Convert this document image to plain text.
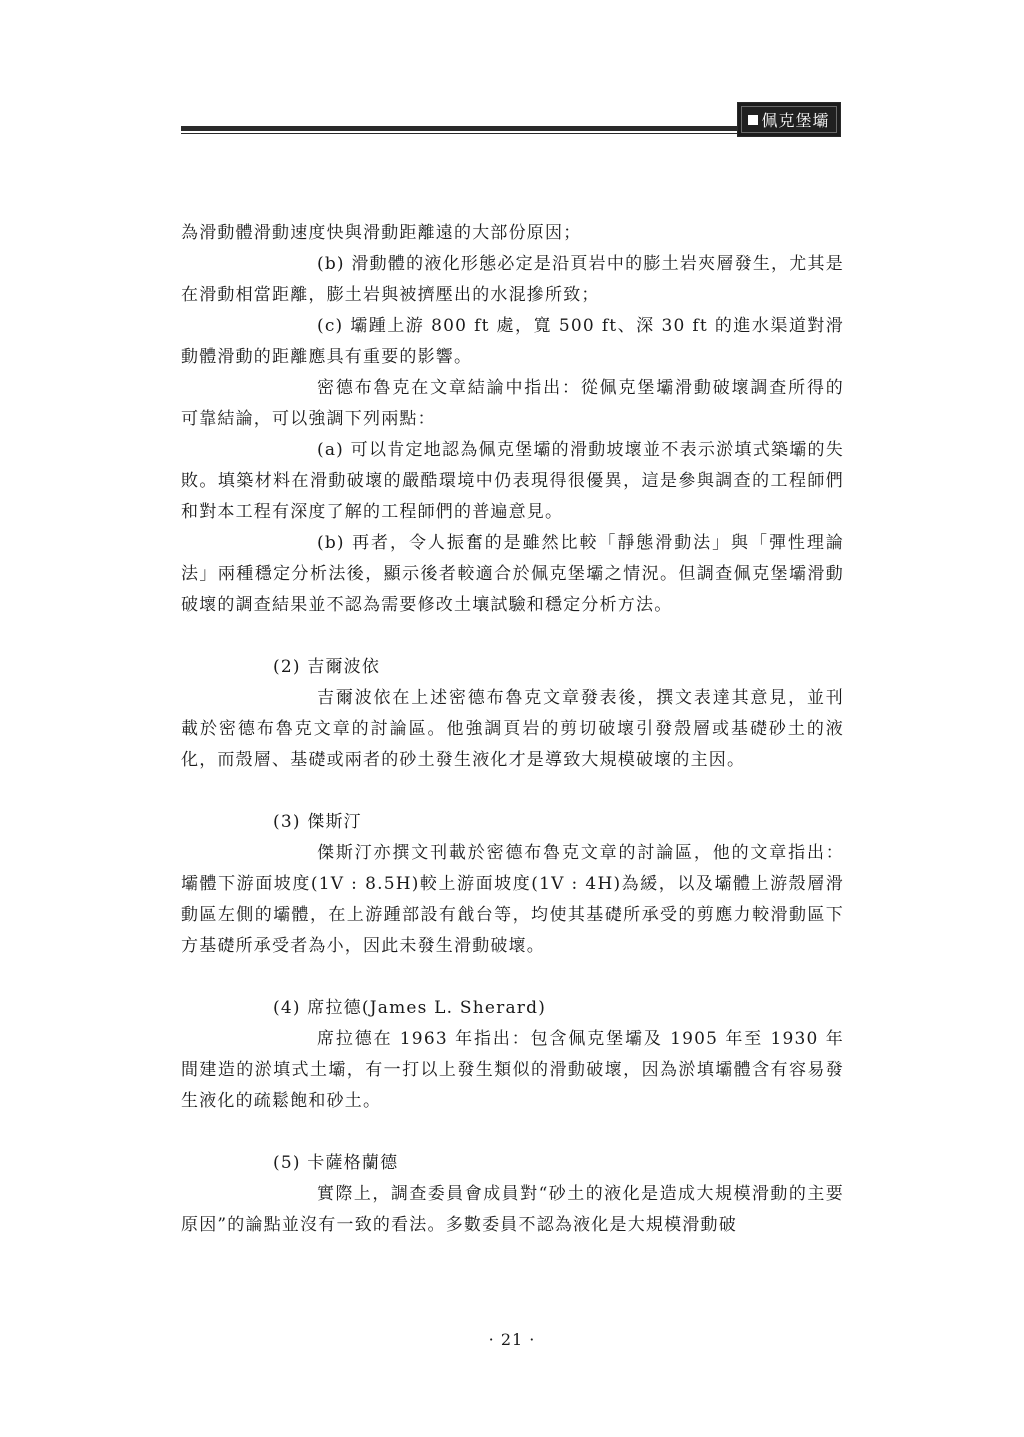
佩克堡壩

為滑動體滑動速度快與滑動距離遠的大部份原因；

(b) 滑動體的液化形態必定是沿頁岩中的膨土岩夾層發生，尤其是在滑動相當距離，膨土岩與被擠壓出的水混摻所致；

(c) 壩踵上游 800 ft 處，寬 500 ft、深 30 ft 的進水渠道對滑動體滑動的距離應具有重要的影響。

密德布魯克在文章結論中指出：從佩克堡壩滑動破壞調查所得的可靠結論，可以強調下列兩點：

(a) 可以肯定地認為佩克堡壩的滑動坡壞並不表示淤填式築壩的失敗。填築材料在滑動破壞的嚴酷環境中仍表現得很優異，這是參與調查的工程師們和對本工程有深度了解的工程師們的普遍意見。

(b) 再者，令人振奮的是雖然比較「靜態滑動法」與「彈性理論法」兩種穩定分析法後，顯示後者較適合於佩克堡壩之情況。但調查佩克堡壩滑動破壞的調查結果並不認為需要修改土壤試驗和穩定分析方法。

(2) 吉爾波依

吉爾波依在上述密德布魯克文章發表後，撰文表達其意見，並刊載於密德布魯克文章的討論區。他強調頁岩的剪切破壞引發殼層或基礎砂土的液化，而殼層、基礎或兩者的砂土發生液化才是導致大規模破壞的主因。

(3) 傑斯汀

傑斯汀亦撰文刊載於密德布魯克文章的討論區，他的文章指出：壩體下游面坡度(1V : 8.5H)較上游面坡度(1V : 4H)為緩，以及壩體上游殼層滑動區左側的壩體，在上游踵部設有戧台等，均使其基礎所承受的剪應力較滑動區下方基礎所承受者為小，因此未發生滑動破壞。

(4) 席拉德(James L. Sherard)

席拉德在 1963 年指出：包含佩克堡壩及 1905 年至 1930 年間建造的淤填式土壩，有一打以上發生類似的滑動破壞，因為淤填壩體含有容易發生液化的疏鬆飽和砂土。

(5) 卡薩格蘭德

實際上，調查委員會成員對“砂土的液化是造成大規模滑動的主要原因”的論點並沒有一致的看法。多數委員不認為液化是大規模滑動破

· 21 ·
